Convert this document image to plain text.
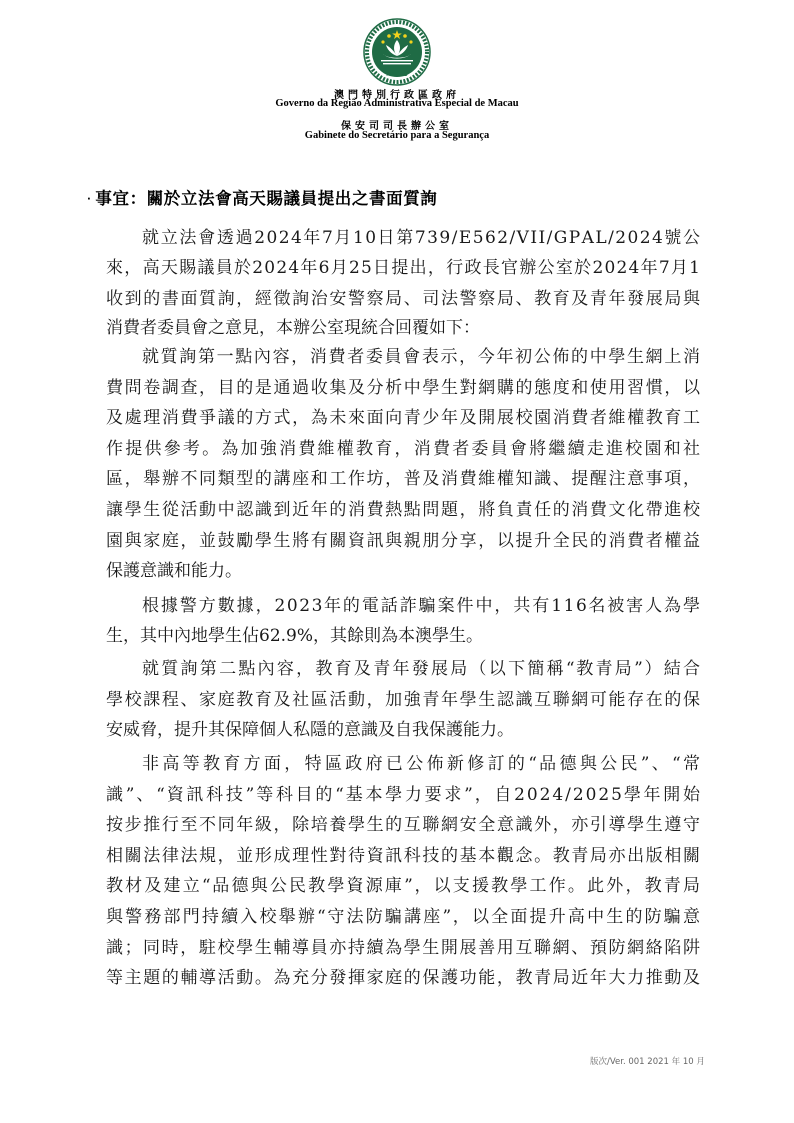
MACAU
澳門特別行政區政府
Governo da Região Administrativa Especial de Macau
保安司司長辦公室
Gabinete do Secretário para a Segurança
· 事宜：關於立法會高天賜議員提出之書面質詢
就​ 立​ 法​ 會​ 透​ 過​ 2​ 0​ 2​ 4​ 年​ 7​ 月​ 1​ 0​ 日​ 第​ 7​ 3​ 9​ /​ E​ 5​ 6​ 2​ /​ V​ I​ I​ /​ G​ P​ A​ L​ /​ 2​ 0​ 2​ 4​ 號​ 公​
來​ ，​ 高​ 天​ 賜​ 議​ 員​ 於​ 2​ 0​ 2​ 4​ 年​ 6​ 月​ 2​ 5​ 日​ 提​ 出​ ，​ 行​ 政​ 長​ 官​ 辦​ 公​ 室​ 於​ 2​ 0​ 2​ 4​ 年​ 7​ 月​ 1​
收​ 到​ 的​ 書​ 面​ 質​ 詢​ ，​ 經​ 徵​ 詢​ 治​ 安​ 警​ 察​ 局​ 、​ 司​ 法​ 警​ 察​ 局​ 、​ 教​ 育​ 及​ 青​ 年​ 發​ 展​ 局​ 與
消費者委員會之意見，本辦公室現統合回覆如下：
就​ 質​ 詢​ 第​ 一​ 點​ 內​ 容​ ，​ 消​ 費​ 者​ 委​ 員​ 會​ 表​ 示​ ，​ 今​ 年​ 初​ 公​ 佈​ 的​ 中​ 學​ 生​ 網​ 上​ 消
費​ 問​ 卷​ 調​ 查​ ，​ 目​ 的​ 是​ 通​ 過​ 收​ 集​ 及​ 分​ 析​ 中​ 學​ 生​ 對​ 網​ 購​ 的​ 態​ 度​ 和​ 使​ 用​ 習​ 慣​ ，​ 以
及​ 處​ 理​ 消​ 費​ 爭​ 議​ 的​ 方​ 式​ ，​ 為​ 未​ 來​ 面​ 向​ 青​ 少​ 年​ 及​ 開​ 展​ 校​ 園​ 消​ 費​ 者​ 維​ 權​ 教​ 育​ 工
作​ 提​ 供​ 參​ 考​ 。​ 為​ 加​ 強​ 消​ 費​ 維​ 權​ 教​ 育​ ，​ 消​ 費​ 者​ 委​ 員​ 會​ 將​ 繼​ 續​ 走​ 進​ 校​ 園​ 和​ 社
區​ ，​ 舉​ 辦​ 不​ 同​ 類​ 型​ 的​ 講​ 座​ 和​ 工​ 作​ 坊​ ，​ 普​ 及​ 消​ 費​ 維​ 權​ 知​ 識​ 、​ 提​ 醒​ 注​ 意​ 事​ 項​ ，
讓​ 學​ 生​ 從​ 活​ 動​ 中​ 認​ 識​ 到​ 近​ 年​ 的​ 消​ 費​ 熱​ 點​ 問​ 題​ ，​ 將​ 負​ 責​ 任​ 的​ 消​ 費​ 文​ 化​ 帶​ 進​ 校
園​ 與​ 家​ 庭​ ，​ 並​ 鼓​ 勵​ 學​ 生​ 將​ 有​ 關​ 資​ 訊​ 與​ 親​ 朋​ 分​ 享​ ，​ 以​ 提​ 升​ 全​ 民​ 的​ 消​ 費​ 者​ 權​ 益
保護意識和能力。
根​ 據​ 警​ 方​ 數​ 據​ ，​ 2​ 0​ 2​ 3​ 年​ 的​ 電​ 話​ 詐​ 騙​ 案​ 件​ 中​ ，​ 共​ 有​ 1​ 1​ 6​ 名​ 被​ 害​ 人​ 為​ 學
生，其中內地學生佔62.9%，其餘則為本澳學生。
就​ 質​ 詢​ 第​ 二​ 點​ 內​ 容​ ，​ 教​ 育​ 及​ 青​ 年​ 發​ 展​ 局​ （​ 以​ 下​ 簡​ 稱​ “​ 教​ 青​ 局​ ”​ ）​ 結​ 合
學​ 校​ 課​ 程​ 、​ 家​ 庭​ 教​ 育​ 及​ 社​ 區​ 活​ 動​ ，​ 加​ 強​ 青​ 年​ 學​ 生​ 認​ 識​ 互​ 聯​ 網​ 可​ 能​ 存​ 在​ 的​ 保
安威脅，提升其保障個人私隱的意識及自我保護能力。
非​ 高​ 等​ 教​ 育​ 方​ 面​ ，​ 特​ 區​ 政​ 府​ 已​ 公​ 佈​ 新​ 修​ 訂​ 的​ “​ 品​ 德​ 與​ 公​ 民​ ”​ 、​ “​ 常
識​ ”​ 、​ “​ 資​ 訊​ 科​ 技​ ”​ 等​ 科​ 目​ 的​ “​ 基​ 本​ 學​ 力​ 要​ 求​ ”​ ，​ 自​ 2​ 0​ 2​ 4​ /​ 2​ 0​ 2​ 5​ 學​ 年​ 開​ 始
按​ 步​ 推​ 行​ 至​ 不​ 同​ 年​ 級​ ，​ 除​ 培​ 養​ 學​ 生​ 的​ 互​ 聯​ 網​ 安​ 全​ 意​ 識​ 外​ ，​ 亦​ 引​ 導​ 學​ 生​ 遵​ 守
相​ 關​ 法​ 律​ 法​ 規​ ，​ 並​ 形​ 成​ 理​ 性​ 對​ 待​ 資​ 訊​ 科​ 技​ 的​ 基​ 本​ 觀​ 念​ 。​ 教​ 青​ 局​ 亦​ 出​ 版​ 相​ 關
教​ 材​ 及​ 建​ 立​ “​ 品​ 德​ 與​ 公​ 民​ 教​ 學​ 資​ 源​ 庫​ ”​ ，​ 以​ 支​ 援​ 教​ 學​ 工​ 作​ 。​ 此​ 外​ ，​ 教​ 青​ 局
與​ 警​ 務​ 部​ 門​ 持​ 續​ 入​ 校​ 舉​ 辦​ “​ 守​ 法​ 防​ 騙​ 講​ 座​ ”​ ，​ 以​ 全​ 面​ 提​ 升​ 高​ 中​ 生​ 的​ 防​ 騙​ 意
識​ ；​ 同​ 時​ ，​ 駐​ 校​ 學​ 生​ 輔​ 導​ 員​ 亦​ 持​ 續​ 為​ 學​ 生​ 開​ 展​ 善​ 用​ 互​ 聯​ 網​ 、​ 預​ 防​ 網​ 絡​ 陷​ 阱
等​ 主​ 題​ 的​ 輔​ 導​ 活​ 動​ 。​ 為​ 充​ 分​ 發​ 揮​ 家​ 庭​ 的​ 保​ 護​ 功​ 能​ ，​ 教​ 青​ 局​ 近​ 年​ 大​ 力​ 推​ 動​ 及
版次/Ver. 001 2021 年 10 月
